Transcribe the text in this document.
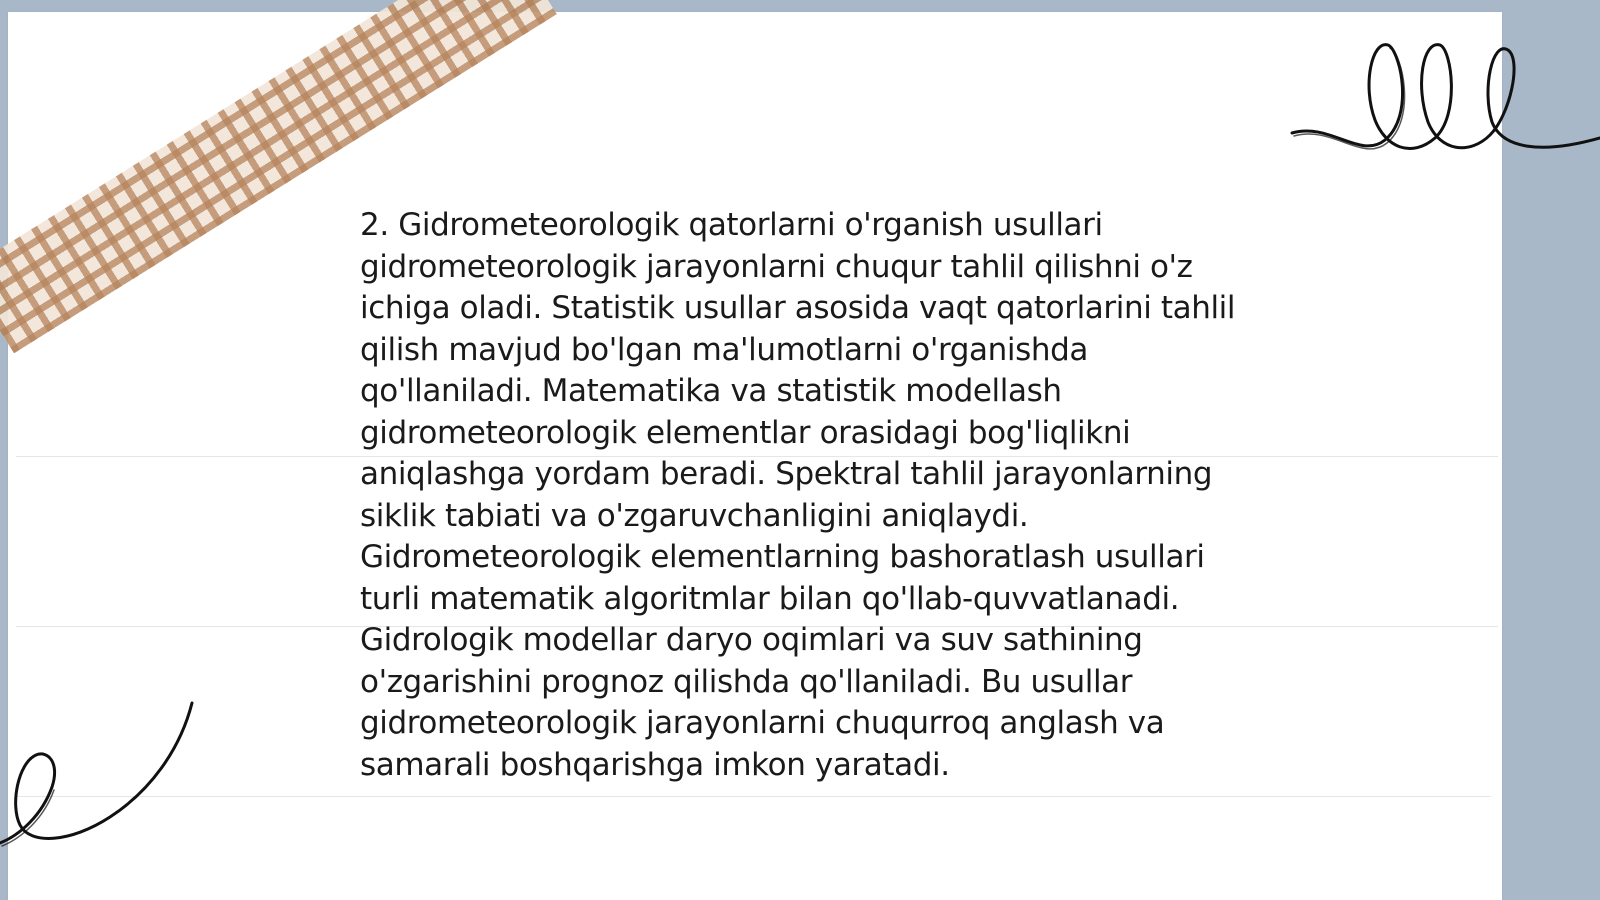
2. Gidrometeorologik qatorlarni o'rganish usullari gidrometeorologik jarayonlarni chuqur tahlil qilishni o'z ichiga oladi. Statistik usullar asosida vaqt qatorlarini tahlil qilish mavjud bo'lgan ma'lumotlarni o'rganishda qo'llaniladi. Matematika va statistik modellash gidrometeorologik elementlar orasidagi bog'liqlikni aniqlashga yordam beradi. Spektral tahlil jarayonlarning siklik tabiati va o'zgaruvchanligini aniqlaydi. Gidrometeorologik elementlarning bashoratlash usullari turli matematik algoritmlar bilan qo'llab-quvvatlanadi. Gidrologik modellar daryo oqimlari va suv sathining o'zgarishini prognoz qilishda qo'llaniladi. Bu usullar gidrometeorologik jarayonlarni chuqurroq anglash va samarali boshqarishga imkon yaratadi.
